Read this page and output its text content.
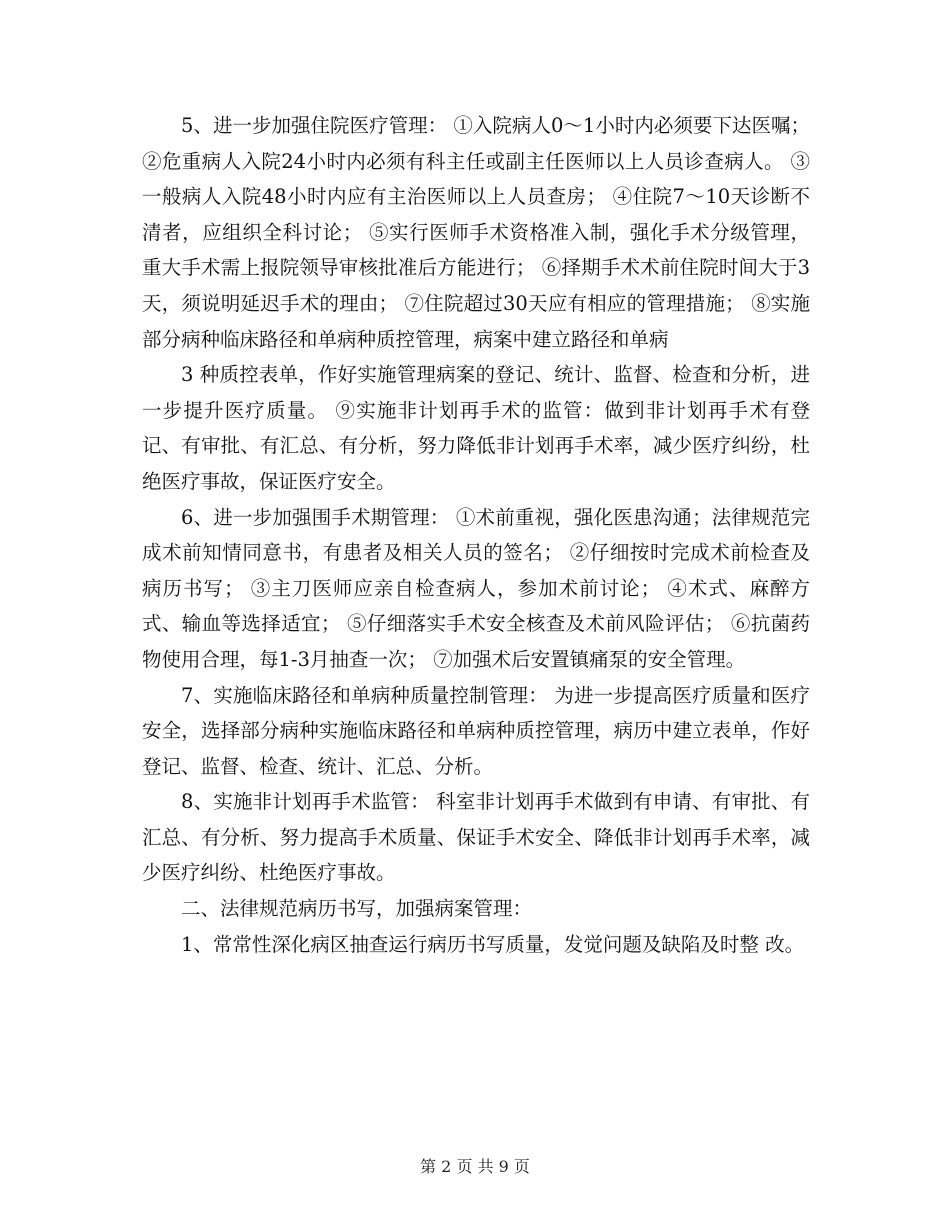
5、进一步加强住院医疗管理： ①入院病人0～1小时内必须要下达医嘱； ②危重病人入院24小时内必须有科主任或副主任医师以上人员诊查病人。 ③一般病人入院48小时内应有主治医师以上人员查房； ④住院7～10天诊断不清者，应组织全科讨论； ⑤实行医师手术资格准入制，强化手术分级管理，重大手术需上报院领导审核批准后方能进行； ⑥择期手术术前住院时间大于3天，须说明延迟手术的理由； ⑦住院超过30天应有相应的管理措施； ⑧实施部分病种临床路径和单病种质控管理，病案中建立路径和单病

3 种质控表单，作好实施管理病案的登记、统计、监督、检查和分析，进一步提升医疗质量。 ⑨实施非计划再手术的监管：做到非计划再手术有登记、有审批、有汇总、有分析，努力降低非计划再手术率，减少医疗纠纷，杜绝医疗事故，保证医疗安全。

6、进一步加强围手术期管理： ①术前重视，强化医患沟通；法律规范完成术前知情同意书，有患者及相关人员的签名； ②仔细按时完成术前检查及病历书写； ③主刀医师应亲自检查病人，参加术前讨论； ④术式、麻醉方式、输血等选择适宜； ⑤仔细落实手术安全核查及术前风险评估； ⑥抗菌药物使用合理，每1-3月抽查一次； ⑦加强术后安置镇痛泵的安全管理。

7、实施临床路径和单病种质量控制管理： 为进一步提高医疗质量和医疗安全，选择部分病种实施临床路径和单病种质控管理，病历中建立表单，作好登记、监督、检查、统计、汇总、分析。

8、实施非计划再手术监管： 科室非计划再手术做到有申请、有审批、有汇总、有分析、努力提高手术质量、保证手术安全、降低非计划再手术率，减少医疗纠纷、杜绝医疗事故。

二、法律规范病历书写，加强病案管理：

1、常常性深化病区抽查运行病历书写质量，发觉问题及缺陷及时整 改。

第 2 页 共 9 页
